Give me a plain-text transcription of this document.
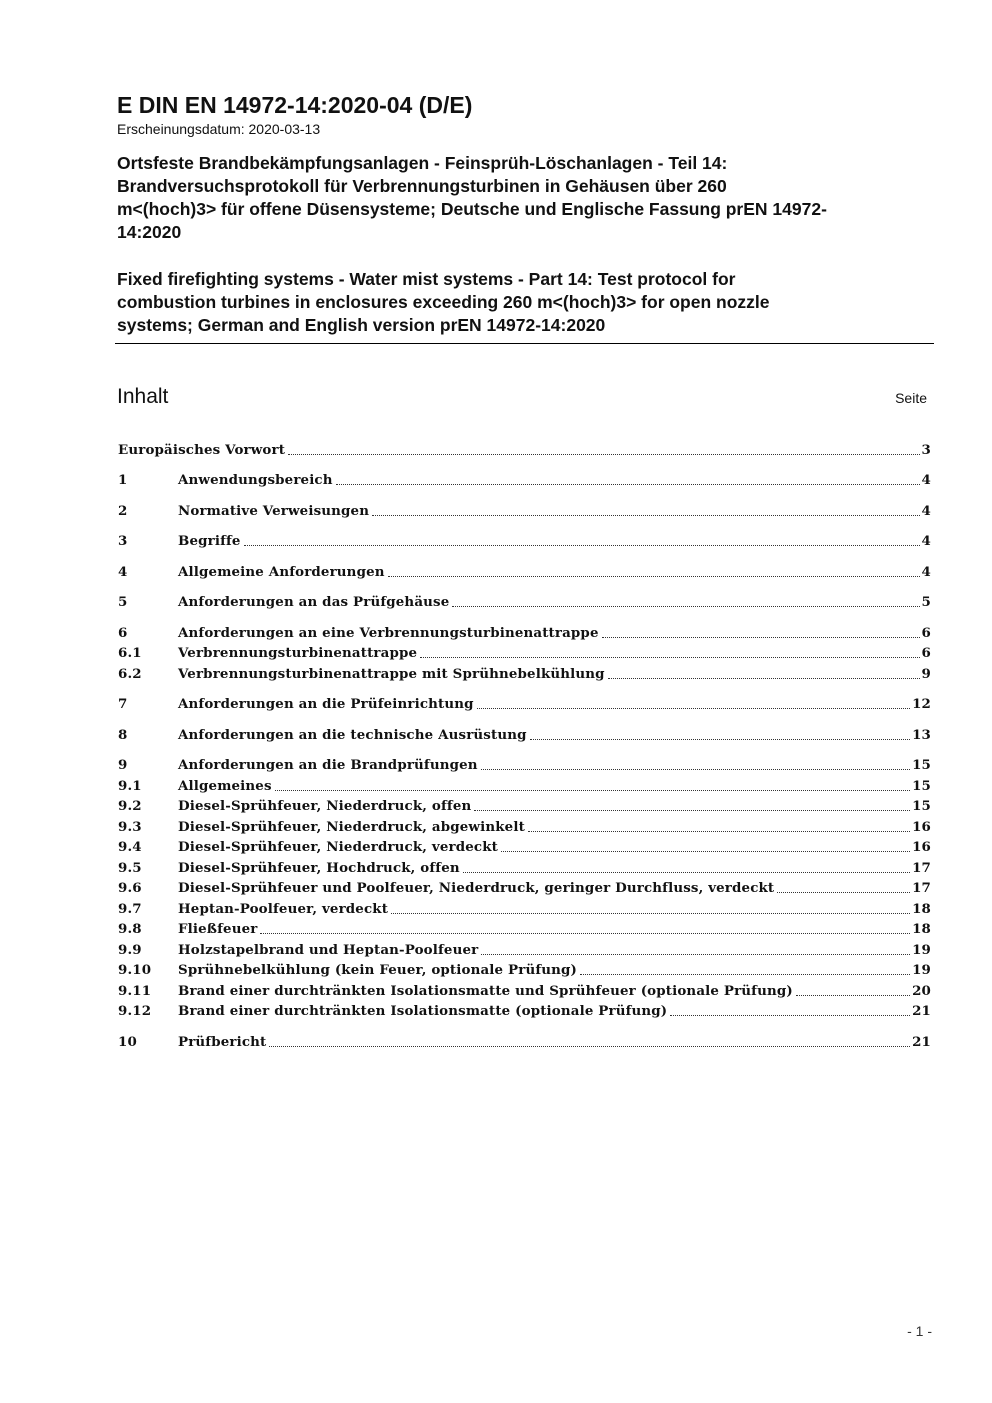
E DIN EN 14972-14:2020-04 (D/E)

Erscheinungsdatum: 2020-03-13

Ortsfeste Brandbekämpfungsanlagen - Feinsprüh-Löschanlagen - Teil 14:

Brandversuchsprotokoll für Verbrennungsturbinen in Gehäusen über 260

m<(hoch)3> für offene Düsensysteme; Deutsche und Englische Fassung prEN 14972-

14:2020

Fixed firefighting systems - Water mist systems - Part 14: Test protocol for

combustion turbines in enclosures exceeding 260 m<(hoch)3> for open nozzle

systems; German and English version prEN 14972-14:2020

Inhalt	Seite
Europäisches Vorwort	3
1	Anwendungsbereich	4
2	Normative Verweisungen	4
3	Begriffe	4
4	Allgemeine Anforderungen	4
5	Anforderungen an das Prüfgehäuse	5
6	Anforderungen an eine Verbrennungsturbinenattrappe	6
6.1	Verbrennungsturbinenattrappe	6
6.2	Verbrennungsturbinenattrappe mit Sprühnebelkühlung	9
7	Anforderungen an die Prüfeinrichtung	12
8	Anforderungen an die technische Ausrüstung	13
9	Anforderungen an die Brandprüfungen	15
9.1	Allgemeines	15
9.2	Diesel-Sprühfeuer, Niederdruck, offen	15
9.3	Diesel-Sprühfeuer, Niederdruck, abgewinkelt	16
9.4	Diesel-Sprühfeuer, Niederdruck, verdeckt	16
9.5	Diesel-Sprühfeuer, Hochdruck, offen	17
9.6	Diesel-Sprühfeuer und Poolfeuer, Niederdruck, geringer Durchfluss, verdeckt	17
9.7	Heptan-Poolfeuer, verdeckt	18
9.8	Fließfeuer	18
9.9	Holzstapelbrand und Heptan-Poolfeuer	19
9.10	Sprühnebelkühlung (kein Feuer, optionale Prüfung)	19
9.11	Brand einer durchtränkten Isolationsmatte und Sprühfeuer (optionale Prüfung)	20
9.12	Brand einer durchtränkten Isolationsmatte (optionale Prüfung)	21
10	Prüfbericht	21
- 1 -
